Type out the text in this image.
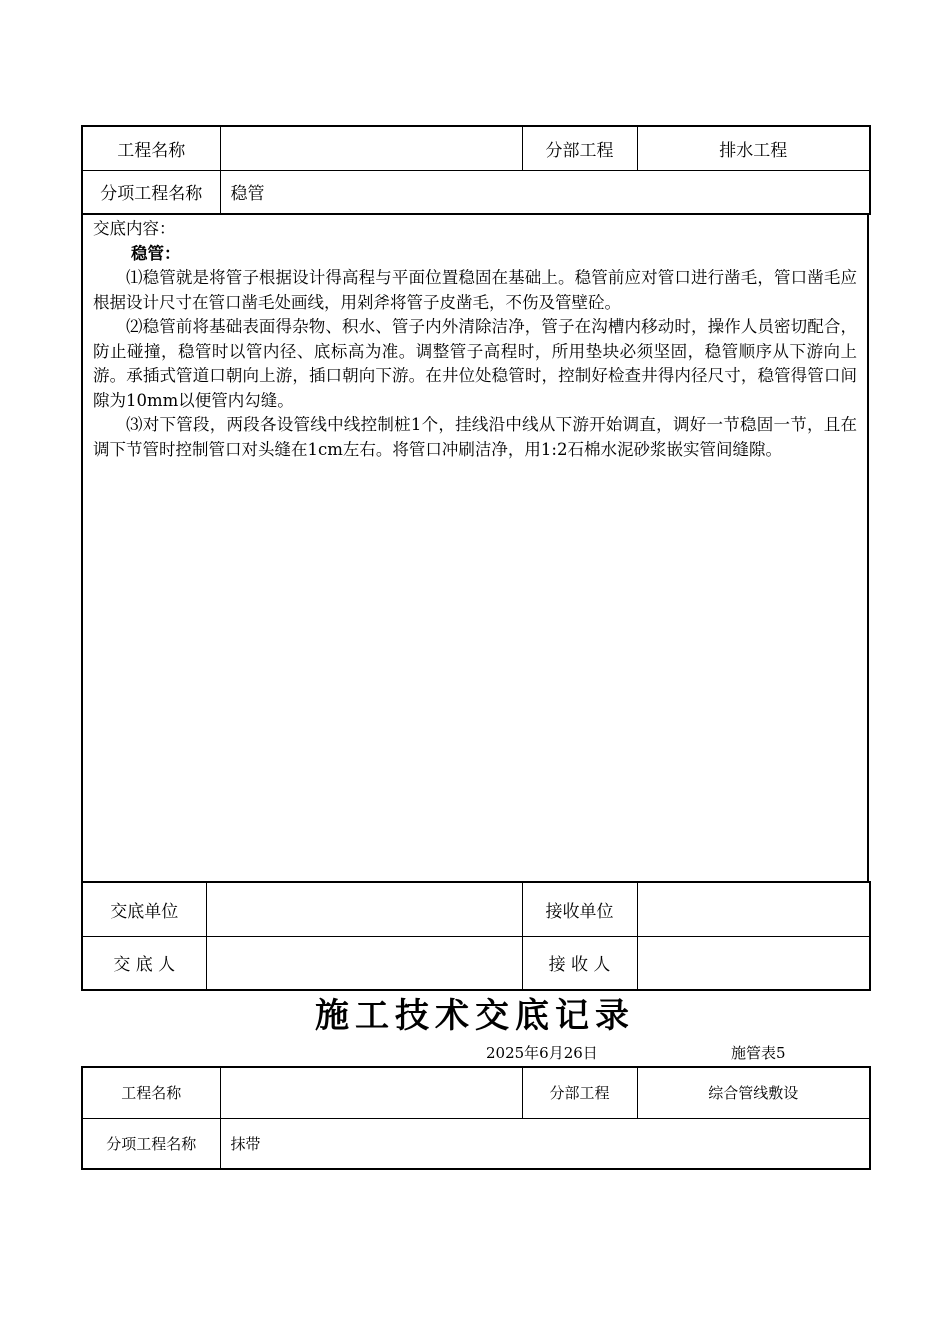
工程名称		分部工程	排水工程
分项工程名称	稳管		

交底内容：

稳管：

⑴稳管就是将管子根据设计得高程与平面位置稳固在基础上。稳管前应对管口进行凿毛，管口凿毛应根据设计尺寸在管口凿毛处画线，用剁斧将管子皮凿毛，不伤及管壁砼。

⑵稳管前将基础表面得杂物、积水、管子内外清除洁净，管子在沟槽内移动时，操作人员密切配合，防止碰撞，稳管时以管内径、底标高为准。调整管子高程时，所用垫块必须坚固，稳管顺序从下游向上游。承插式管道口朝向上游，插口朝向下游。在井位处稳管时，控制好检查井得内径尺寸，稳管得管口间隙为10mm以便管内勾缝。

⑶对下管段，两段各设管线中线控制桩1个，挂线沿中线从下游开始调直，调好一节稳固一节，且在调下节管时控制管口对头缝在1cm左右。将管口冲刷洁净，用1:2石棉水泥砂浆嵌实管间缝隙。

交底单位		接收单位	
交 底 人		接 收 人	
施工技术交底记录
2025年6月26日	施管表5
工程名称		分部工程	综合管线敷设
分项工程名称	抹带		
